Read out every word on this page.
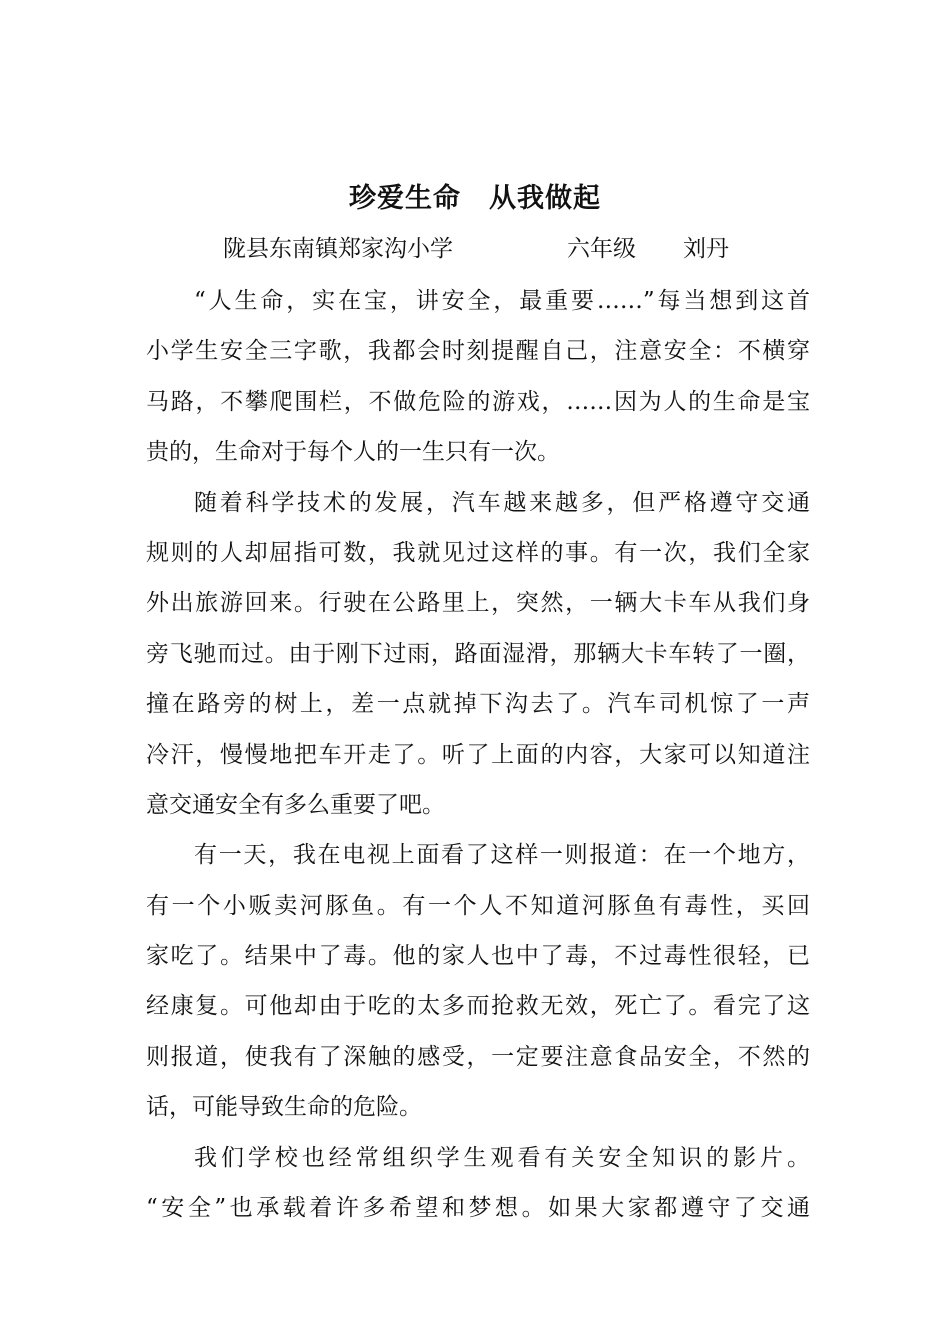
珍爱生命 从我做起
陇县东南镇郑家沟小学	六年级 刘丹
“人生命，实在宝，讲安全，最重要……”每当想到这首
小学生安全三字歌，我都会时刻提醒自己，注意安全：不横穿
马路，不攀爬围栏，不做危险的游戏，……因为人的生命是宝
贵的，生命对于每个人的一生只有一次。
随着科学技术的发展，汽车越来越多，但严格遵守交通
规则的人却屈指可数，我就见过这样的事。有一次，我们全家
外出旅游回来。行驶在公路里上，突然，一辆大卡车从我们身
旁飞驰而过。由于刚下过雨，路面湿滑，那辆大卡车转了一圈，
撞在路旁的树上，差一点就掉下沟去了。汽车司机惊了一声
冷汗，慢慢地把车开走了。听了上面的内容，大家可以知道注
意交通安全有多么重要了吧。
有一天，我在电视上面看了这样一则报道：在一个地方，
有一个小贩卖河豚鱼。有一个人不知道河豚鱼有毒性，买回
家吃了。结果中了毒。他的家人也中了毒，不过毒性很轻，已
经康复。可他却由于吃的太多而抢救无效，死亡了。看完了这
则报道，使我有了深触的感受，一定要注意食品安全，不然的
话，可能导致生命的危险。
我们学校也经常组织学生观看有关安全知识的影片。
“安全”也承载着许多希望和梦想。如果大家都遵守了交通
